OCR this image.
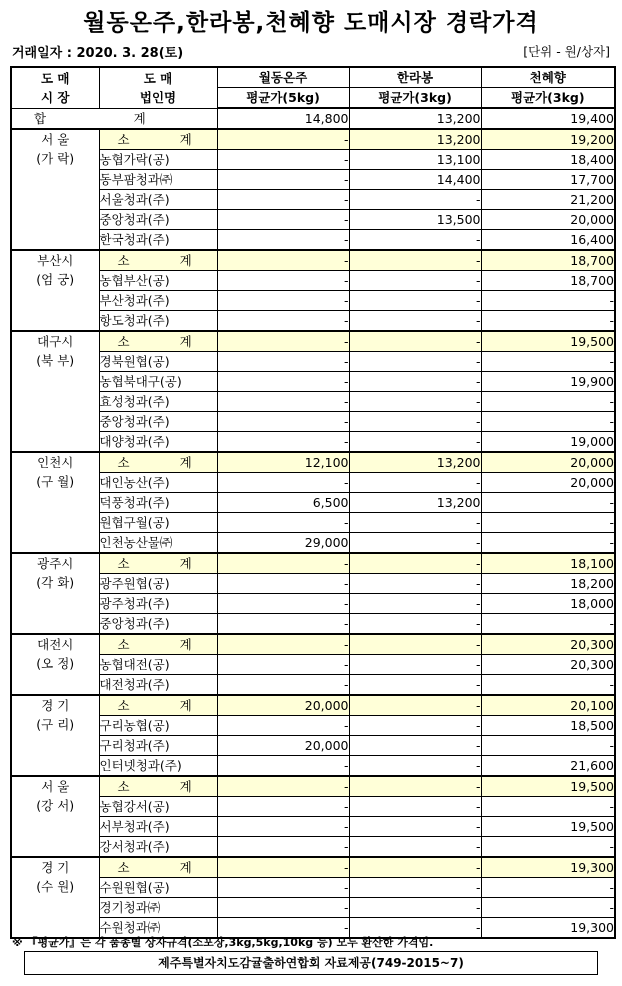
월동온주,한라봉,천혜향 도매시장 경락가격
거래일자 : 2020. 3. 28(토)	[단위 - 원/상자]
도 매
시 장	도 매
법인명	월동온주	한라봉	천혜향
		평균가(5kg)	평균가(3kg)	평균가(3kg)
합       계		14,800	13,200	19,400
서 울
(가 락)	소    계	-	13,200	19,200
	농협가락(공)	-	13,100	18,400
	동부팜청과㈜	-	14,400	17,700
	서울청과(주)	-	-	21,200
	중앙청과(주)	-	13,500	20,000
	한국청과(주)	-	-	16,400
부산시
(엄 궁)	소    계	-	-	18,700
	농협부산(공)	-	-	18,700
	부산청과(주)	-	-	-
	항도청과(주)	-	-	-
대구시
(북 부)	소    계	-	-	19,500
	경북원협(공)	-	-	-
	농협북대구(공)	-	-	19,900
	효성청과(주)	-	-	-
	중앙청과(주)	-	-	-
	대양청과(주)	-	-	19,000
인천시
(구 월)	소    계	12,100	13,200	20,000
	대인농산(주)	-	-	20,000
	덕풍청과(주)	6,500	13,200	-
	원협구월(공)	-	-	-
	인천농산물㈜	29,000	-	-
광주시
(각 화)	소    계	-	-	18,100
	광주원협(공)	-	-	18,200
	광주청과(주)	-	-	18,000
	중앙청과(주)	-	-	-
대전시
(오 정)	소    계	-	-	20,300
	농협대전(공)	-	-	20,300
	대전청과(주)	-	-	-
경 기
(구 리)	소    계	20,000	-	20,100
	구리농협(공)	-	-	18,500
	구리청과(주)	20,000	-	-
	인터넷청과(주)	-	-	21,600
서 울
(강 서)	소    계	-	-	19,500
	농협강서(공)	-	-	-
	서부청과(주)	-	-	19,500
	강서청과(주)	-	-	-
경 기
(수 원)	소    계	-	-	19,300
	수원원협(공)	-	-	-
	경기청과㈜	-	-	-
	수원청과㈜	-	-	19,300
※ 『평균가』는 각 품종별 상자규격(소포장,3kg,5kg,10kg 등) 모두 환산한 가격임.
제주특별자치도감귤출하연합회 자료제공(749-2015~7)
